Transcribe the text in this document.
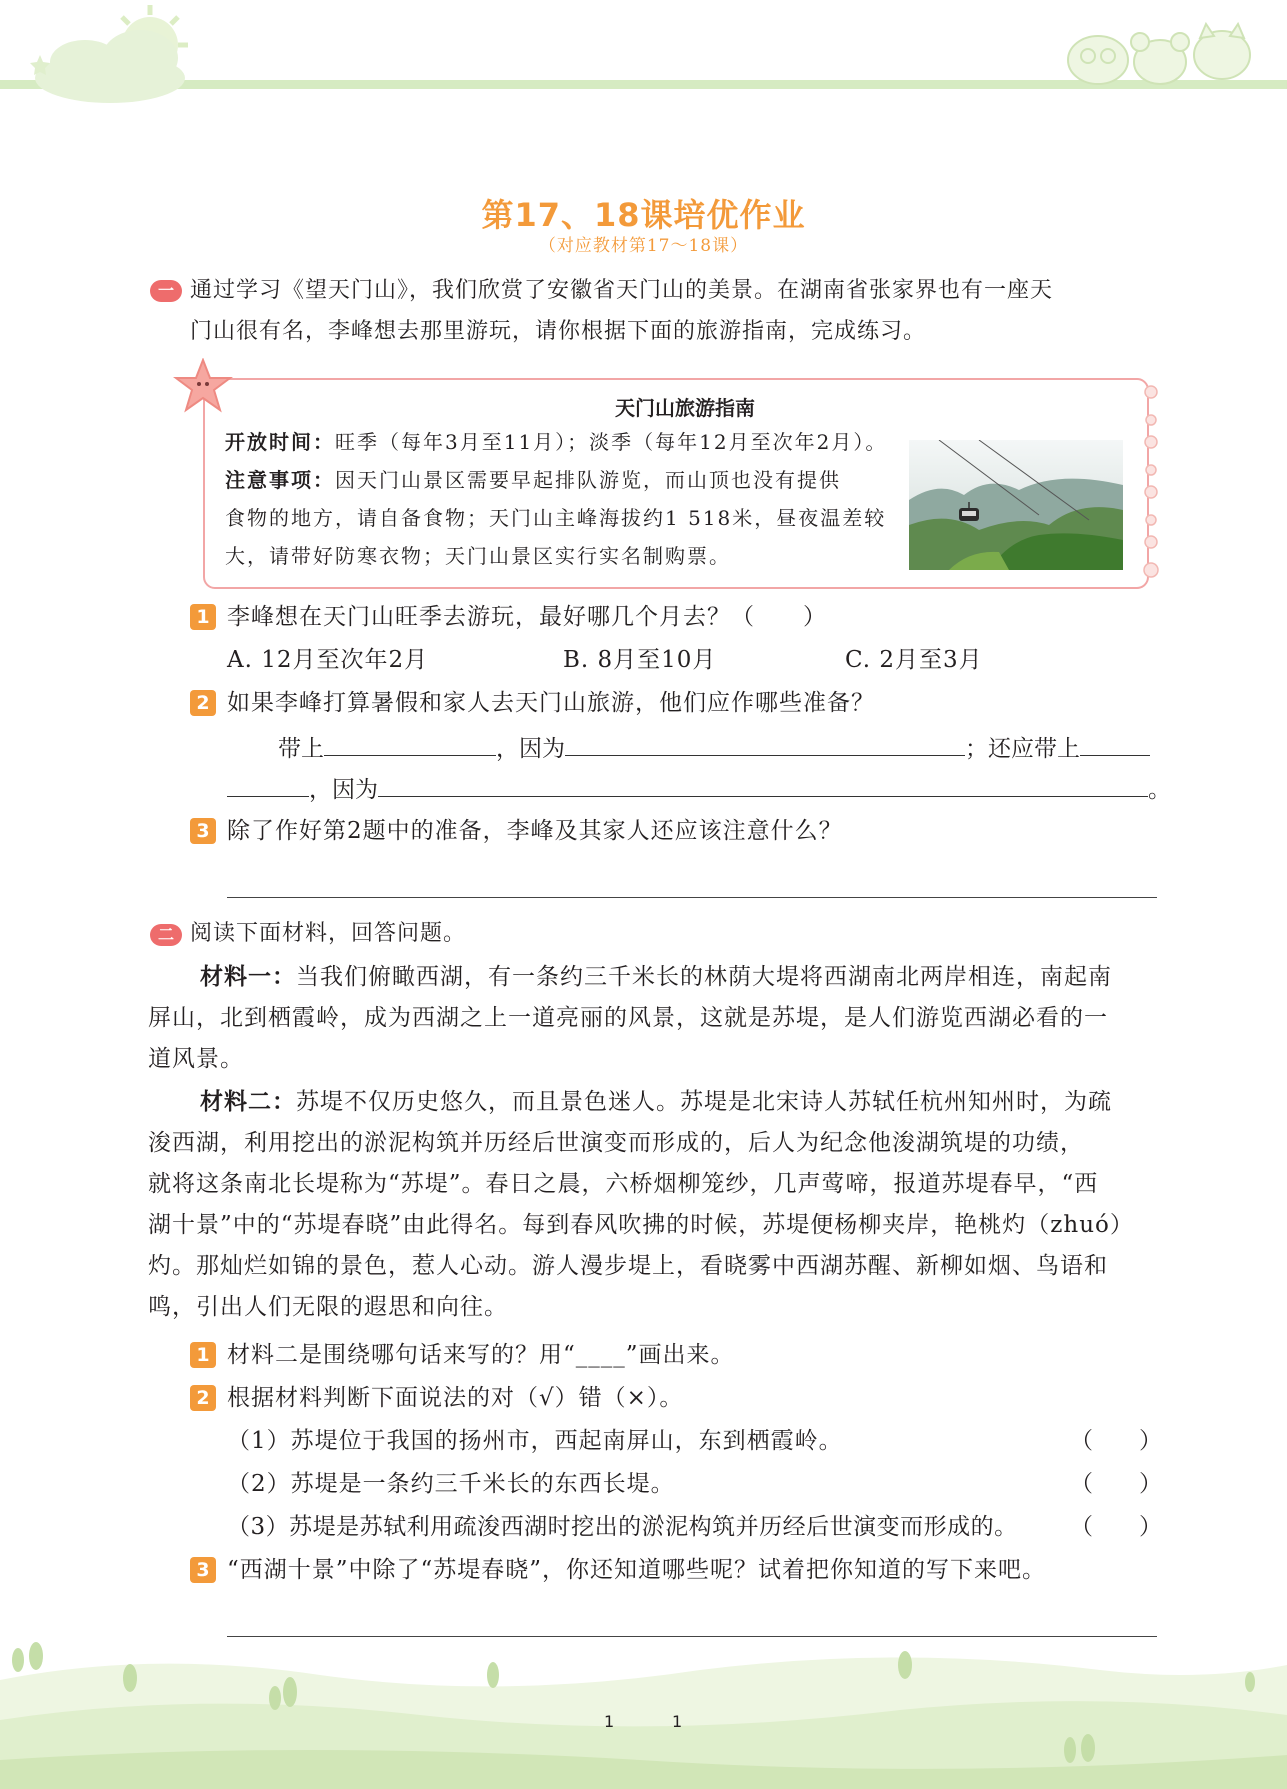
第17、18课培优作业
（对应教材第17～18课）
一 通过学习《望天门山》，我们欣赏了安徽省天门山的美景。在湖南省张家界也有一座天
门山很有名，李峰想去那里游玩，请你根据下面的旅游指南，完成练习。
天门山旅游指南
开放时间：旺季（每年3月至11月）；淡季（每年12月至次年2月）。
注意事项：因天门山景区需要早起排队游览，而山顶也没有提供
食物的地方，请自备食物；天门山主峰海拔约1 518米，昼夜温差较
大，请带好防寒衣物；天门山景区实行实名制购票。
1 李峰想在天门山旺季去游玩，最好哪几个月去？（　　）
A. 12月至次年2月	B. 8月至10月	C. 2月至3月
2 如果李峰打算暑假和家人去天门山旅游，他们应作哪些准备？
带上	，因为	；还应带上
，因为	。
3 除了作好第2题中的准备，李峰及其家人还应该注意什么？
二 阅读下面材料，回答问题。
材料一：当我们俯瞰西湖，有一条约三千米长的林荫大堤将西湖南北两岸相连，南起南
屏山，北到栖霞岭，成为西湖之上一道亮丽的风景，这就是苏堤，是人们游览西湖必看的一
道风景。
材料二：苏堤不仅历史悠久，而且景色迷人。苏堤是北宋诗人苏轼任杭州知州时，为疏
浚西湖，利用挖出的淤泥构筑并历经后世演变而形成的，后人为纪念他浚湖筑堤的功绩，
就将这条南北长堤称为“苏堤”。春日之晨，六桥烟柳笼纱，几声莺啼，报道苏堤春早，“西
湖十景”中的“苏堤春晓”由此得名。每到春风吹拂的时候，苏堤便杨柳夹岸，艳桃灼（zhuó）
灼。那灿烂如锦的景色，惹人心动。游人漫步堤上，看晓雾中西湖苏醒、新柳如烟、鸟语和
鸣，引出人们无限的遐思和向往。
1 材料二是围绕哪句话来写的？用“____”画出来。
2 根据材料判断下面说法的对（√）错（×）。
（1）苏堤位于我国的扬州市，西起南屏山，东到栖霞岭。	（　　）
（2）苏堤是一条约三千米长的东西长堤。	（　　）
（3）苏堤是苏轼利用疏浚西湖时挖出的淤泥构筑并历经后世演变而形成的。 （　　）
3 “西湖十景”中除了“苏堤春晓”，你还知道哪些呢？试着把你知道的写下来吧。
1	1
